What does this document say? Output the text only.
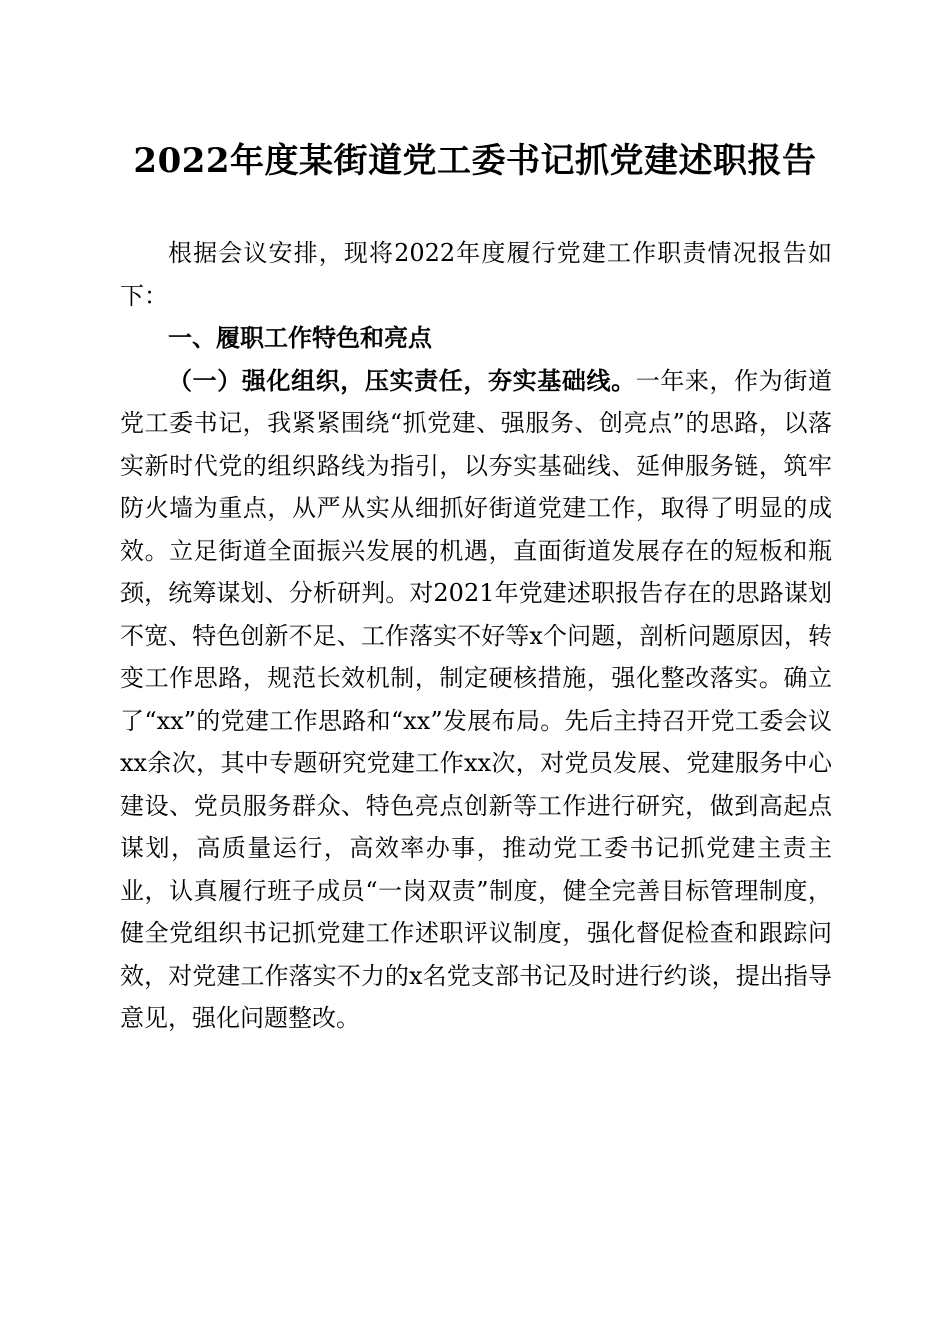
2022年度某街道党工委书记抓党建述职报告

根据会议安排，现将2022年度履行党建工作职责情况报告如下：

一、履职工作特色和亮点

（一）强化组织，压实责任，夯实基础线。一年来，作为街道党工委书记，我紧紧围绕“抓党建、强服务、创亮点”的思路，以落实新时代党的组织路线为指引，以夯实基础线、延伸服务链，筑牢防火墙为重点，从严从实从细抓好街道党建工作，取得了明显的成效。立足街道全面振兴发展的机遇，直面街道发展存在的短板和瓶颈，统筹谋划、分析研判。对2021年党建述职报告存在的思路谋划不宽、特色创新不足、工作落实不好等x个问题，剖析问题原因，转变工作思路，规范长效机制，制定硬核措施，强化整改落实。确立了“xx”的党建工作思路和“xx”发展布局。先后主持召开党工委会议xx余次，其中专题研究党建工作xx次，对党员发展、党建服务中心建设、党员服务群众、特色亮点创新等工作进行研究，做到高起点谋划，高质量运行，高效率办事，推动党工委书记抓党建主责主业，认真履行班子成员“一岗双责”制度，健全完善目标管理制度，健全党组织书记抓党建工作述职评议制度，强化督促检查和跟踪问效，对党建工作落实不力的x名党支部书记及时进行约谈，提出指导意见，强化问题整改。
